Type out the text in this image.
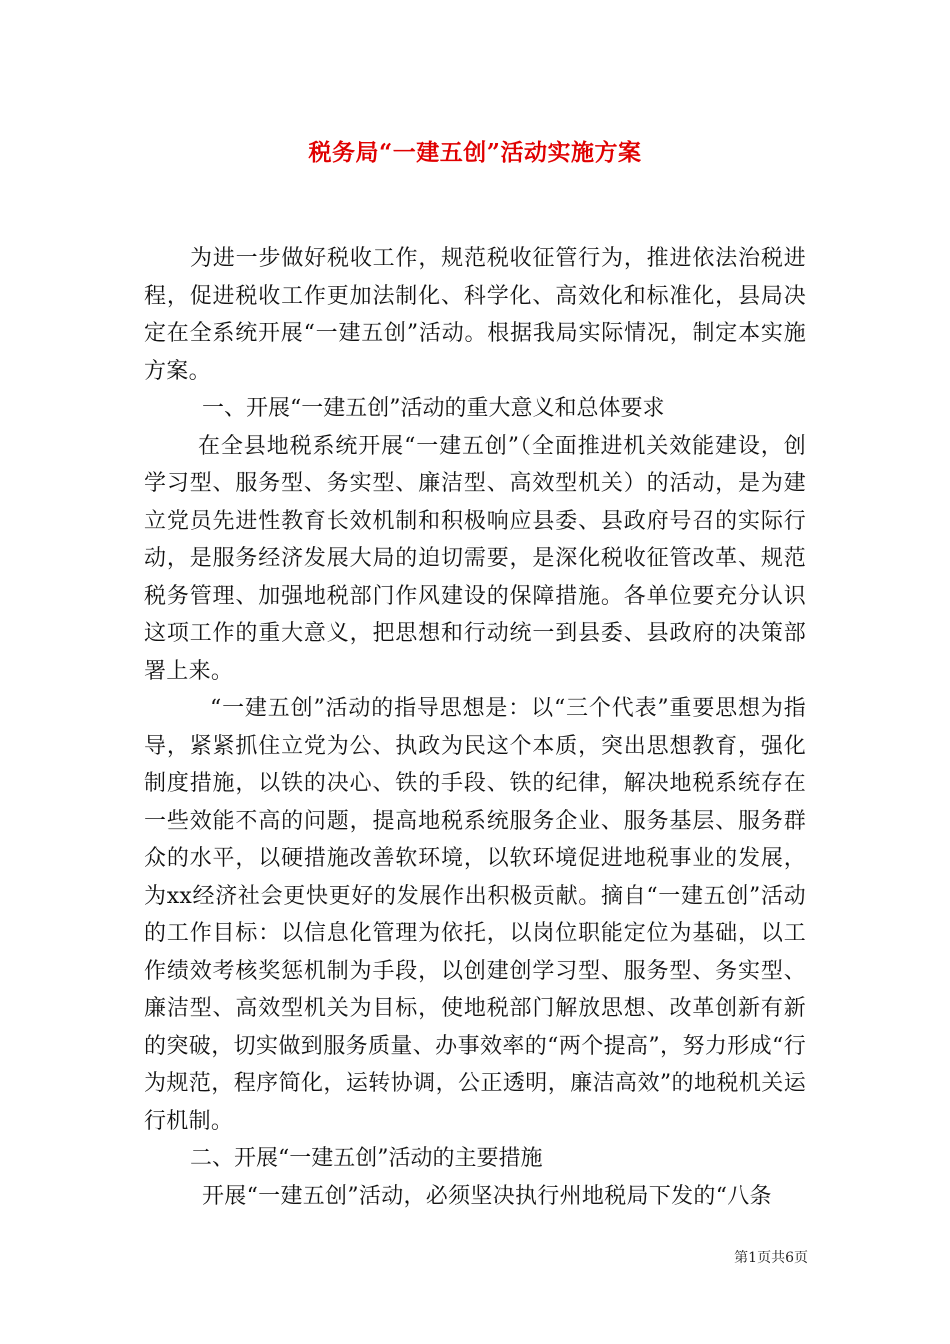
税务局“一建五创”活动实施方案

为进一步做好税收工作，规范税收征管行为，推进依法治税进程，促进税收工作更加法制化、科学化、高效化和标准化，县局决定在全系统开展“一建五创”活动。根据我局实际情况，制定本实施方案。

一、开展“一建五创”活动的重大意义和总体要求

在全县地税系统开展“一建五创”（全面推进机关效能建设，创学习型、服务型、务实型、廉洁型、高效型机关）的活动，是为建立党员先进性教育长效机制和积极响应县委、县政府号召的实际行动，是服务经济发展大局的迫切需要，是深化税收征管改革、规范税务管理、加强地税部门作风建设的保障措施。各单位要充分认识这项工作的重大意义，把思想和行动统一到县委、县政府的决策部署上来。

“一建五创”活动的指导思想是：以“三个代表”重要思想为指导，紧紧抓住立党为公、执政为民这个本质，突出思想教育，强化制度措施，以铁的决心、铁的手段、铁的纪律，解决地税系统存在一些效能不高的问题，提高地税系统服务企业、服务基层、服务群众的水平，以硬措施改善软环境，以软环境促进地税事业的发展，为xx经济社会更快更好的发展作出积极贡献。摘自“一建五创”活动的工作目标：以信息化管理为依托，以岗位职能定位为基础，以工作绩效考核奖惩机制为手段，以创建创学习型、服务型、务实型、廉洁型、高效型机关为目标，使地税部门解放思想、改革创新有新的突破，切实做到服务质量、办事效率的“两个提高”，努力形成“行为规范，程序简化，运转协调，公正透明，廉洁高效”的地税机关运行机制。

二、开展“一建五创”活动的主要措施

开展“一建五创”活动，必须坚决执行州地税局下发的“八条

第1页共6页
